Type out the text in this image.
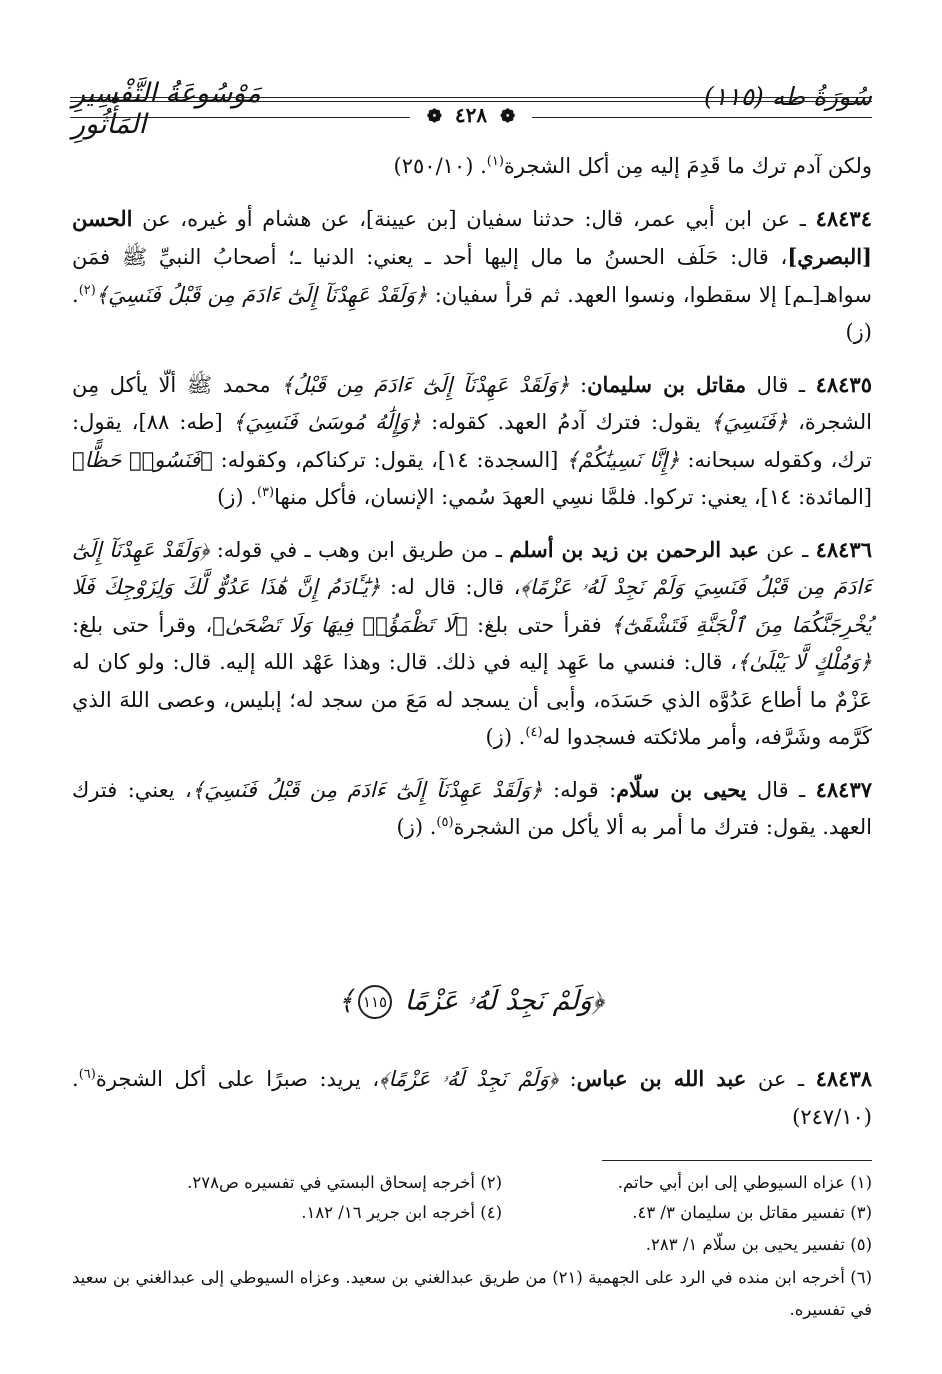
سُورَةُ طه (١١٥)
مَوْسُوعَةُ التَّفْسِيرِ المَأْثُورِ	❁ ٤٢٨ ❁

ولكن آدم ترك ما قَدِمَ إليه مِن أكل الشجرة$^{(١)}$. (٢٥٠/١٠)

٤٨٤٣٤ ـ عن ابن أبي عمر، قال: حدثنا سفيان [بن عيينة]، عن هشام أو غيره، عن الحسن [البصري]، قال: حَلَف الحسنُ ما مال إليها أحد ـ يعني: الدنيا ـ؛ أصحابُ النبيِّ ﷺ فمَن سواهـ[ـم] إلا سقطوا، ونسوا العهد. ثم قرأ سفيان: ﴿وَلَقَدْ عَهِدْنَآ إِلَىٰٓ ءَادَمَ مِن قَبْلُ فَنَسِيَ﴾$^{(٢)}$. (ز)

٤٨٤٣٥ ـ قال مقاتل بن سليمان: ﴿وَلَقَدْ عَهِدْنَآ إِلَىٰٓ ءَادَمَ مِن قَبْلُ﴾ محمد ﷺ ألّا يأكل مِن الشجرة، ﴿فَنَسِيَ﴾ يقول: فترك آدمُ العهد. كقوله: ﴿وَإِلَٰهُ مُوسَىٰ فَنَسِيَ﴾ [طه: ٨٨]، يقول: ترك، وكقوله سبحانه: ﴿إِنَّا نَسِينَٰكُمْ﴾ [السجدة: ١٤]، يقول: تركناكم، وكقوله: ﴿فَنَسُوا۟ حَظًّا﴾ [المائدة: ١٤]، يعني: تركوا. فلمَّا نسِي العهدَ سُمي: الإنسان، فأكل منها$^{(٣)}$. (ز)

٤٨٤٣٦ ـ عن عبد الرحمن بن زيد بن أسلم ـ من طريق ابن وهب ـ في قوله: ﴿وَلَقَدْ عَهِدْنَآ إِلَىٰٓ ءَادَمَ مِن قَبْلُ فَنَسِيَ وَلَمْ نَجِدْ لَهُۥ عَزْمًا﴾، قال: قال له: ﴿يَٰٓـَٔادَمُ إِنَّ هَٰذَا عَدُوٌّ لَّكَ وَلِزَوْجِكَ فَلَا يُخْرِجَنَّكُمَا مِنَ ٱلْجَنَّةِ فَتَشْقَىٰٓ﴾ فقرأ حتى بلغ: ﴿لَا تَظْمَؤُا۟ فِيهَا وَلَا تَضْحَىٰ﴾، وقرأ حتى بلغ: ﴿وَمُلْكٍ لَّا يَبْلَىٰ﴾، قال: فنسي ما عَهِد إليه في ذلك. قال: وهذا عَهْد الله إليه. قال: ولو كان له عَزْمٌ ما أطاع عَدُوَّه الذي حَسَدَه، وأبى أن يسجد له مَعَ من سجد له؛ إبليس، وعصى اللهَ الذي كَرَّمه وشَرَّفه، وأمر ملائكته فسجدوا له$^{(٤)}$. (ز)

٤٨٤٣٧ ـ قال يحيى بن سلّام: قوله: ﴿وَلَقَدْ عَهِدْنَآ إِلَىٰٓ ءَادَمَ مِن قَبْلُ فَنَسِيَ﴾، يعني: فترك العهد. يقول: فترك ما أمر به ألا يأكل من الشجرة$^{(٥)}$. (ز)

﴿وَلَمْ نَجِدْ لَهُۥ عَزْمًا ١١٥﴾

٤٨٤٣٨ ـ عن عبد الله بن عباس: ﴿وَلَمْ نَجِدْ لَهُۥ عَزْمًا﴾، يريد: صبرًا على أكل الشجرة$^{(٦)}$. (٢٤٧/١٠)

(١) عزاه السيوطي إلى ابن أبي حاتم.
(٢) أخرجه إسحاق البستي في تفسيره ص٢٧٨.
(٣) تفسير مقاتل بن سليمان ٣/ ٤٣.
(٤) أخرجه ابن جرير ١٦/ ١٨٢.
(٥) تفسير يحيى بن سلّام ١/ ٢٨٣.
(٦) أخرجه ابن منده في الرد على الجهمية (٢١) من طريق عبدالغني بن سعيد. وعزاه السيوطي إلى عبدالغني بن سعيد في تفسيره.
